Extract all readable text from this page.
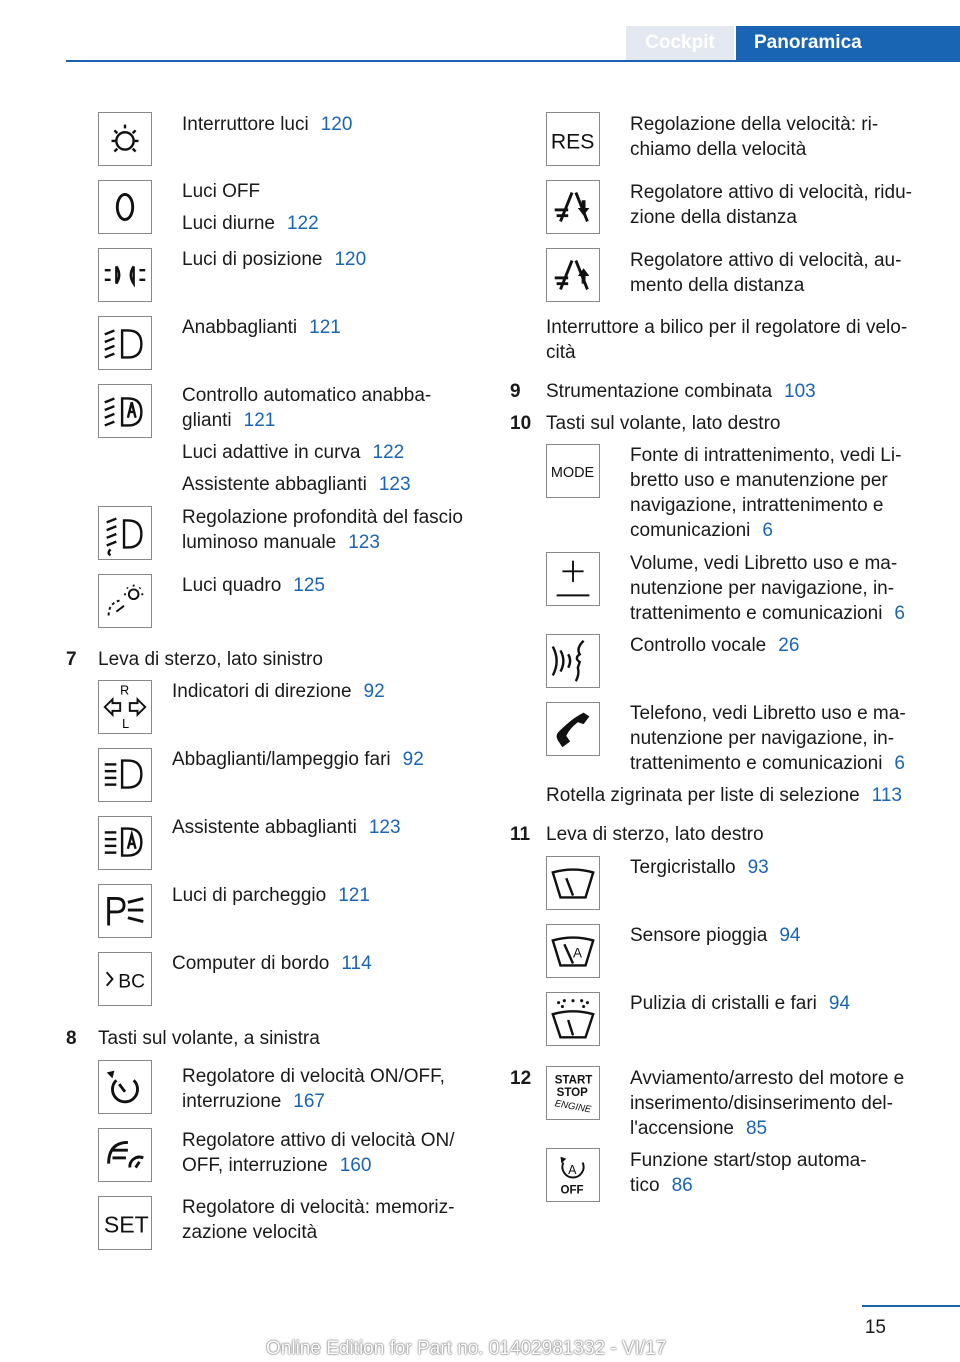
Cockpit	Panoramica
Interruttore luci 120
Luci OFF
Luci diurne 122
Luci di posizione 120
Anabbaglianti 121
Controllo automatico anabba-
glianti 121
Luci adattive in curva 122
Assistente abbaglianti 123
Regolazione profondità del fascio
luminoso manuale 123
Luci quadro 125
7 Leva di sterzo, lato sinistro
R
L
Indicatori di direzione 92
Abbaglianti/lampeggio fari 92
Assistente abbaglianti 123
Luci di parcheggio 121
BC
Computer di bordo 114
8 Tasti sul volante, a sinistra
Regolatore di velocità ON/OFF,
interruzione 167
Regolatore attivo di velocità ON/
OFF, interruzione 160
SET
Regolatore di velocità: memoriz-
zazione velocità
RES
Regolazione della velocità: ri-
chiamo della velocità
Regolatore attivo di velocità, ridu-
zione della distanza
Regolatore attivo di velocità, au-
mento della distanza
Interruttore a bilico per il regolatore di velo-
cità
9 Strumentazione combinata 103
10 Tasti sul volante, lato destro
MODE
Fonte di intrattenimento, vedi Li-
bretto uso e manutenzione per
navigazione, intrattenimento e
comunicazioni 6
Volume, vedi Libretto uso e ma-
nutenzione per navigazione, in-
trattenimento e comunicazioni 6
Controllo vocale 26
Telefono, vedi Libretto uso e ma-
nutenzione per navigazione, in-
trattenimento e comunicazioni 6
Rotella zigrinata per liste di selezione 113
11 Leva di sterzo, lato destro
Tergicristallo 93
A
Sensore pioggia 94
Pulizia di cristalli e fari 94
12 START
STOP
ENGINE
Avviamento/arresto del motore e
inserimento/disinserimento del-
l'accensione 85
A
OFF
Funzione start/stop automa-
tico 86
15
Online Edition for Part no. 01402981332 - VI/17
